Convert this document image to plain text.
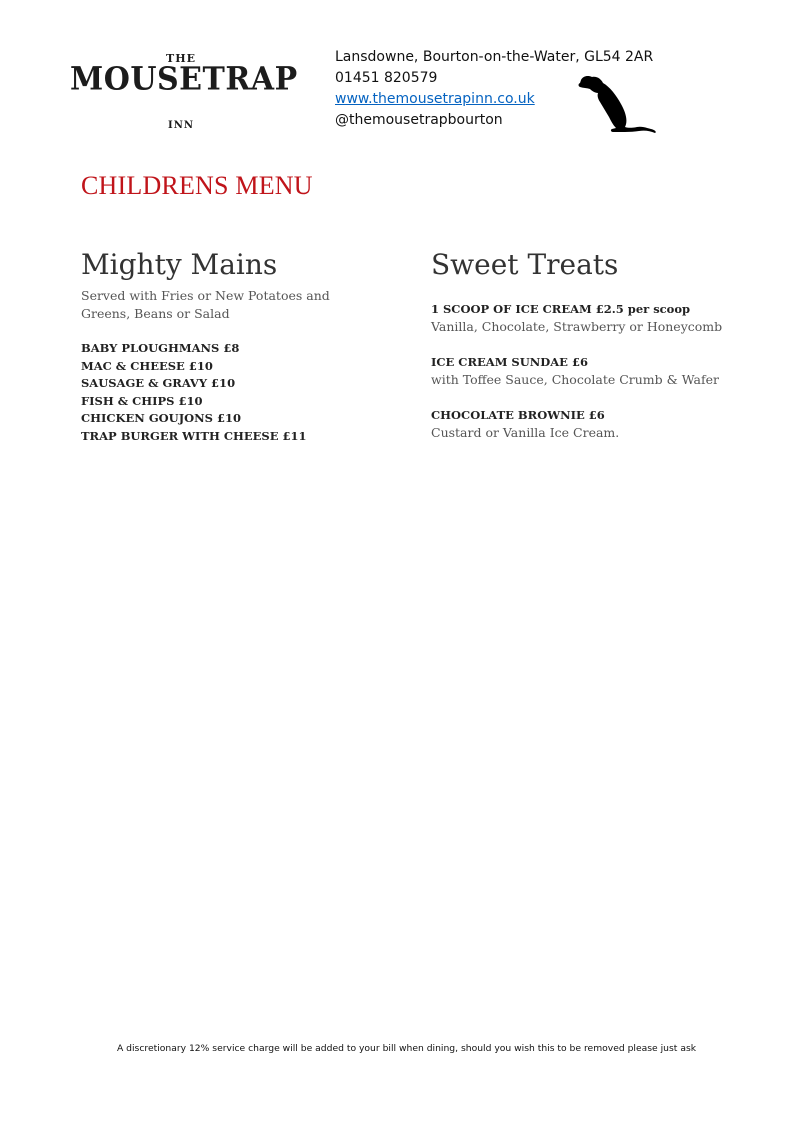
THE
MOUSETRAP
INN
Lansdowne, Bourton-on-the-Water, GL54 2AR
01451 820579
www.themousetrapinn.co.uk
@themousetrapbourton
CHILDRENS MENU
Mighty Mains
Served with Fries or New Potatoes and
Greens, Beans or Salad
BABY PLOUGHMANS £8
MAC & CHEESE £10
SAUSAGE & GRAVY £10
FISH & CHIPS £10
CHICKEN GOUJONS £10
TRAP BURGER WITH CHEESE £11
Sweet Treats
1 SCOOP OF ICE CREAM £2.5 per scoop
Vanilla, Chocolate, Strawberry or Honeycomb
ICE CREAM SUNDAE £6
with Toffee Sauce, Chocolate Crumb & Wafer
CHOCOLATE BROWNIE £6
Custard or Vanilla Ice Cream.
A discretionary 12% service charge will be added to your bill when dining, should you wish this to be removed please just ask
